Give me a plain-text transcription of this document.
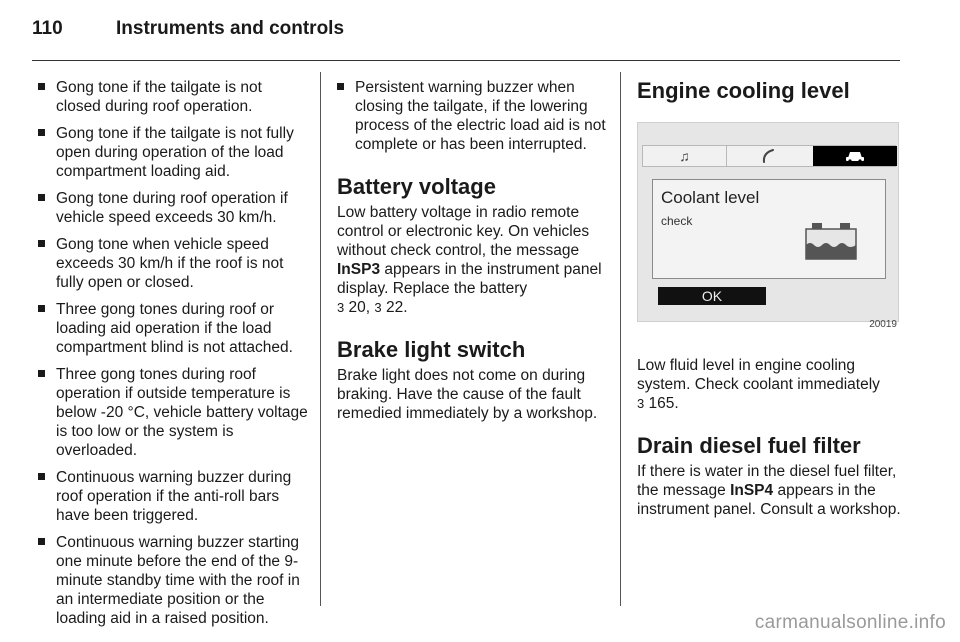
110	Instruments and controls
Gong tone if the tailgate is not closed during roof operation.
Gong tone if the tailgate is not fully open during operation of the load compartment loading aid.
Gong tone during roof operation if vehicle speed exceeds 30 km/h.
Gong tone when vehicle speed exceeds 30 km/h if the roof is not fully open or closed.
Three gong tones during roof or loading aid operation if the load compartment blind is not attached.
Three gong tones during roof operation if outside temperature is below -20 °C, vehicle battery voltage is too low or the system is overloaded.
Continuous warning buzzer during roof operation if the anti-roll bars have been triggered.
Continuous warning buzzer starting one minute before the end of the 9-minute standby time with the roof in an intermediate position or the loading aid in a raised position.
Persistent warning buzzer when closing the tailgate, if the lowering process of the electric load aid is not complete or has been interrupted.
Battery voltage

Low battery voltage in radio remote control or electronic key. On vehicles without check control, the message InSP3 appears in the instrument panel display. Replace the battery
3 20, 3 22.

Brake light switch

Brake light does not come on during braking. Have the cause of the fault remedied immediately by a workshop.

Engine cooling level
♫
Coolant level
check
OK
20019

Low fluid level in engine cooling system. Check coolant immediately
3 165.

Drain diesel fuel filter

If there is water in the diesel fuel filter, the message InSP4 appears in the instrument panel. Consult a workshop.

carmanualsonline.info
